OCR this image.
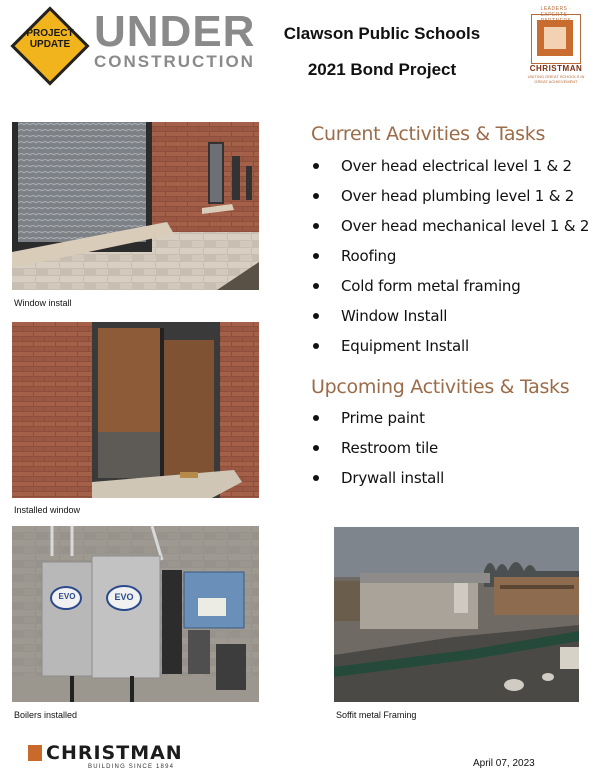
PROJECT
UPDATE UNDER
CONSTRUCTION
Clawson Public Schools
2021 Bond Project
LEADERS · EXPERTS ·
CHRISTMAN
UNITING GREAT SCHOOLS IN GREAT ACHIEVEMENT
Window install
Installed window
EVO	EVO
Boilers installed	Soffit metal Framing
Current Activities & Tasks
Over head electrical level 1 & 2
Over head plumbing level 1 & 2
Over head mechanical level 1 & 2
Roofing
Cold form metal framing
Window Install
Equipment Install
Upcoming Activities & Tasks
Prime paint
Restroom tile
Drywall install
CHRISTMAN
BUILDING SINCE 1894	April 07, 2023
